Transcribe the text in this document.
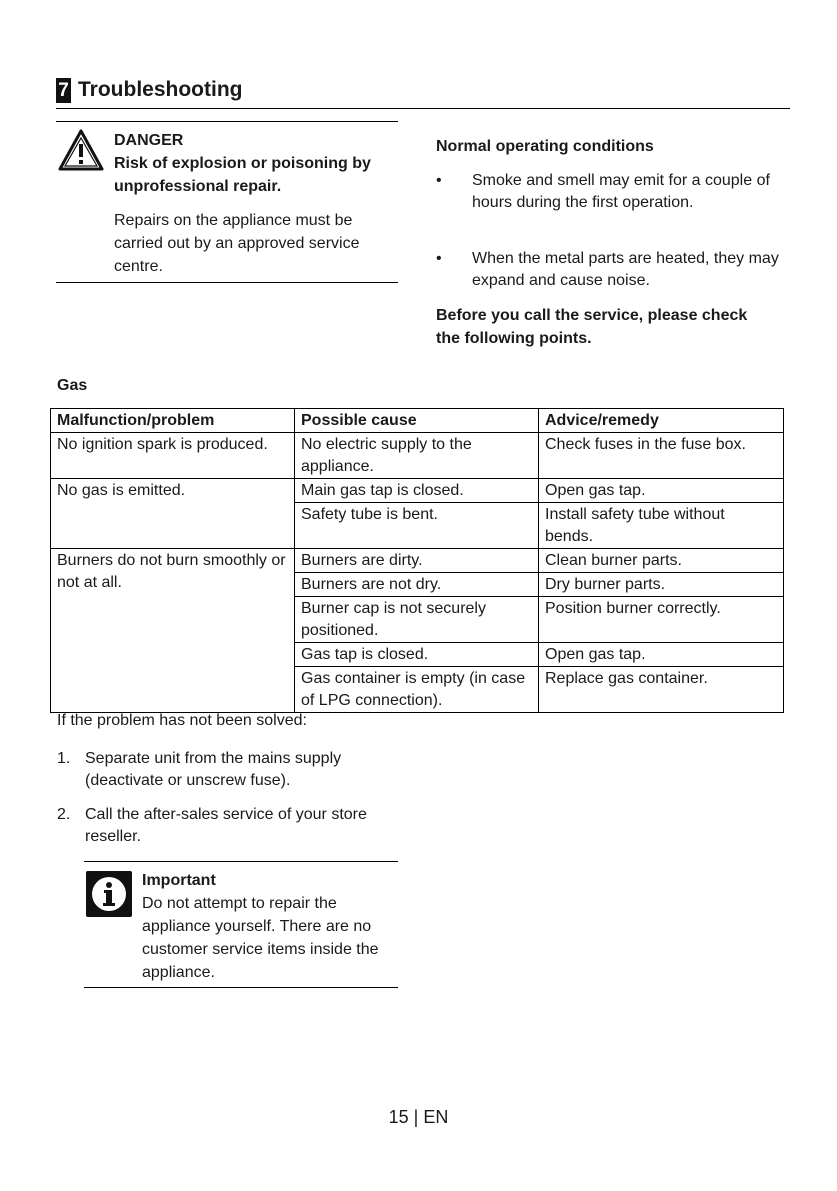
7 Troubleshooting
DANGER
Risk of explosion or poisoning by unprofessional repair.
Repairs on the appliance must be carried out by an approved service centre.
Normal operating conditions
• Smoke and smell may emit for a couple of hours during the first operation.
• When the metal parts are heated, they may expand and cause noise.
Before you call the service, please check the following points.
Gas
Malfunction/problem	Possible cause	Advice/remedy
No ignition spark is produced.	No electric supply to the appliance.	Check fuses in the fuse box.
No gas is emitted.	Main gas tap is closed.	Open gas tap.
	Safety tube is bent.	Install safety tube without bends.
Burners do not burn smoothly or not at all.	Burners are dirty.	Clean burner parts.
	Burners are not dry.	Dry burner parts.
	Burner cap is not securely positioned.	Position burner correctly.
	Gas tap is closed.	Open gas tap.
	Gas container is empty (in case of LPG connection).	Replace gas container.
If the problem has not been solved:
1. Separate unit from the mains supply (deactivate or unscrew fuse).
2. Call the after-sales service of your store reseller.
Important
Do not attempt to repair the appliance yourself. There are no customer service items inside the appliance.
15 | EN
